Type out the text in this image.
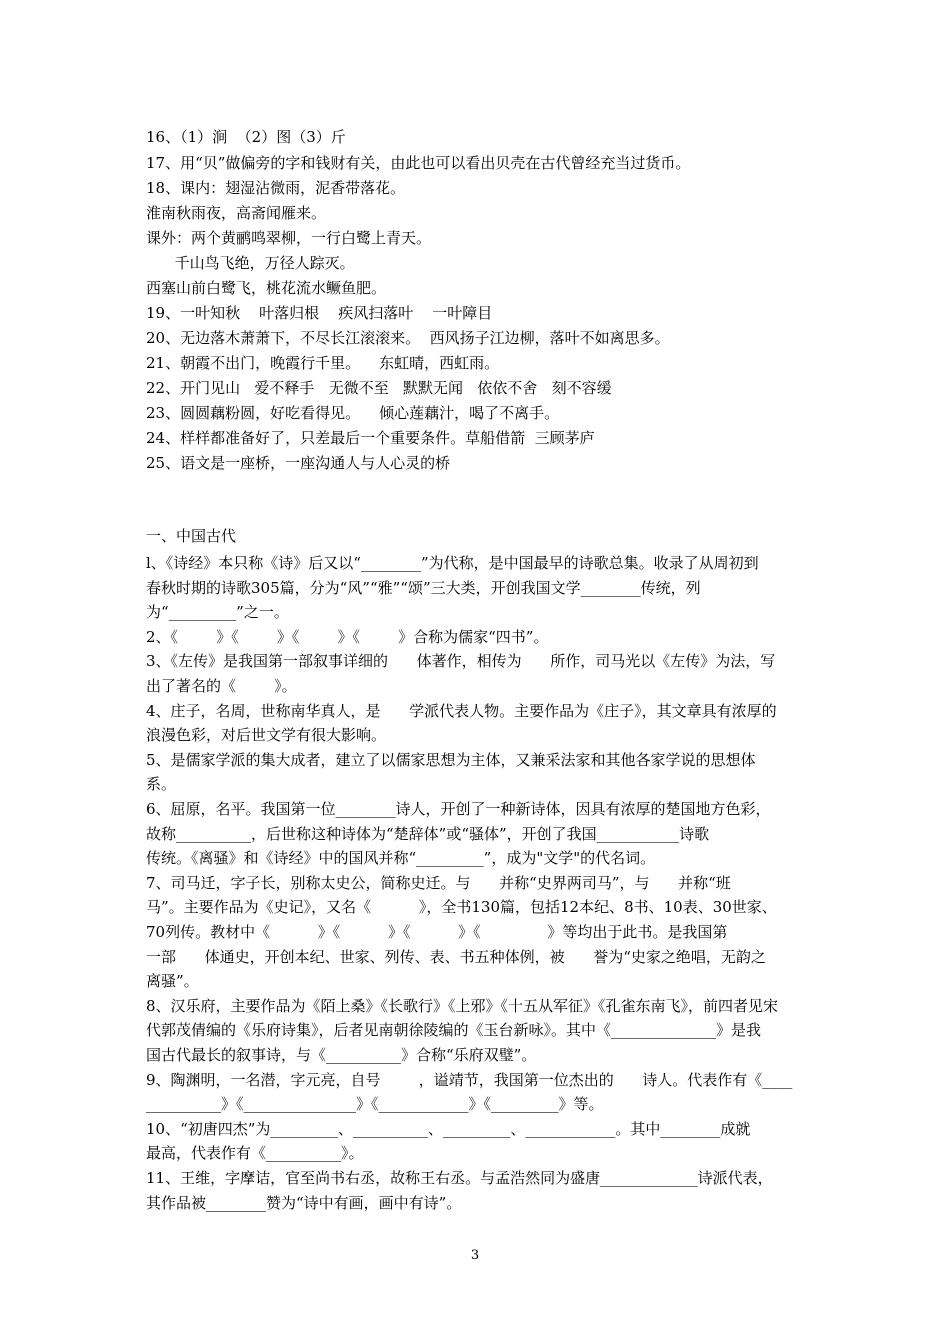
16、（1）涧  （2）图（3）斤
17、用“贝”做偏旁的字和钱财有关，由此也可以看出贝壳在古代曾经充当过货币。
18、课内：翅湿沾微雨，泥香带落花。
淮南秋雨夜，高斋闻雁来。
课外：两个黄鹂鸣翠柳，一行白鹭上青天。
千山鸟飞绝，万径人踪灭。
西塞山前白鹭飞，桃花流水鳜鱼肥。
19、一叶知秋    叶落归根    疾风扫落叶    一叶障目
20、无边落木萧萧下，不尽长江滚滚来。  西风扬子江边柳，落叶不如离思多。
21、朝霞不出门，晚霞行千里。    东虹晴，西虹雨。
22、开门见山   爱不释手   无微不至   默默无闻   依依不舍   刻不容缓
23、圆圆藕粉圆，好吃看得见。    倾心莲藕汁，喝了不离手。
24、样样都准备好了，只差最后一个重要条件。草船借箭  三顾茅庐
25、语文是一座桥，一座沟通人与人心灵的桥
一、中国古代
l、《诗经》本只称《诗》后又以“________”为代称，是中国最早的诗歌总集。收录了从周初到
春秋时期的诗歌305篇，分为“风”“雅”“颂”三大类，开创我国文学________传统，列
为“_________”之一。
2、《        》《        》《        》《        》合称为儒家“四书”。
3、《左传》是我国第一部叙事详细的      体著作，相传为      所作，司马光以《左传》为法，写
出了著名的《        》。
4、庄子，名周，世称南华真人，是      学派代表人物。主要作品为《庄子》，其文章具有浓厚的
浪漫色彩，对后世文学有很大影响。
5、是儒家学派的集大成者，建立了以儒家思想为主体，又兼采法家和其他各家学说的思想体
系。
6、屈原，名平。我国第一位________诗人，开创了一种新诗体，因具有浓厚的楚国地方色彩，
故称__________，后世称这种诗体为“楚辞体”或“骚体”，开创了我国___________诗歌
传统。《离骚》和《诗经》中的国风并称“_________”，成为"文学"的代名词。
7、司马迁，字子长，别称太史公，简称史迁。与      并称“史界两司马”，与      并称“班
马”。主要作品为《史记》，又名《          》，全书130篇，包括12本纪、8书、10表、30世家、
70列传。教材中《          》《          》《          》《              》等均出于此书。是我国第
一部      体通史，开创本纪、世家、列传、表、书五种体例，被      誉为“史家之绝唱，无韵之
离骚”。
8、汉乐府，主要作品为《陌上桑》《长歌行》《上邪》《十五从军征》《孔雀东南飞》，前四者见宋
代郭茂倩编的《乐府诗集》，后者见南朝徐陵编的《玉台新咏》。其中《______________》是我
国古代最长的叙事诗，与《__________》合称“乐府双璧”。
9、陶渊明，一名潜，字元亮，自号        ，谥靖节，我国第一位杰出的      诗人。代表作有《____
__________》《_______________》《____________》《_________》等。
10、“初唐四杰”为_________、__________、_________、____________。其中________成就
最高，代表作有《__________》。
11、王维，字摩诘，官至尚书右丞，故称王右丞。与孟浩然同为盛唐_____________诗派代表，
其作品被________赞为“诗中有画，画中有诗”。
3
